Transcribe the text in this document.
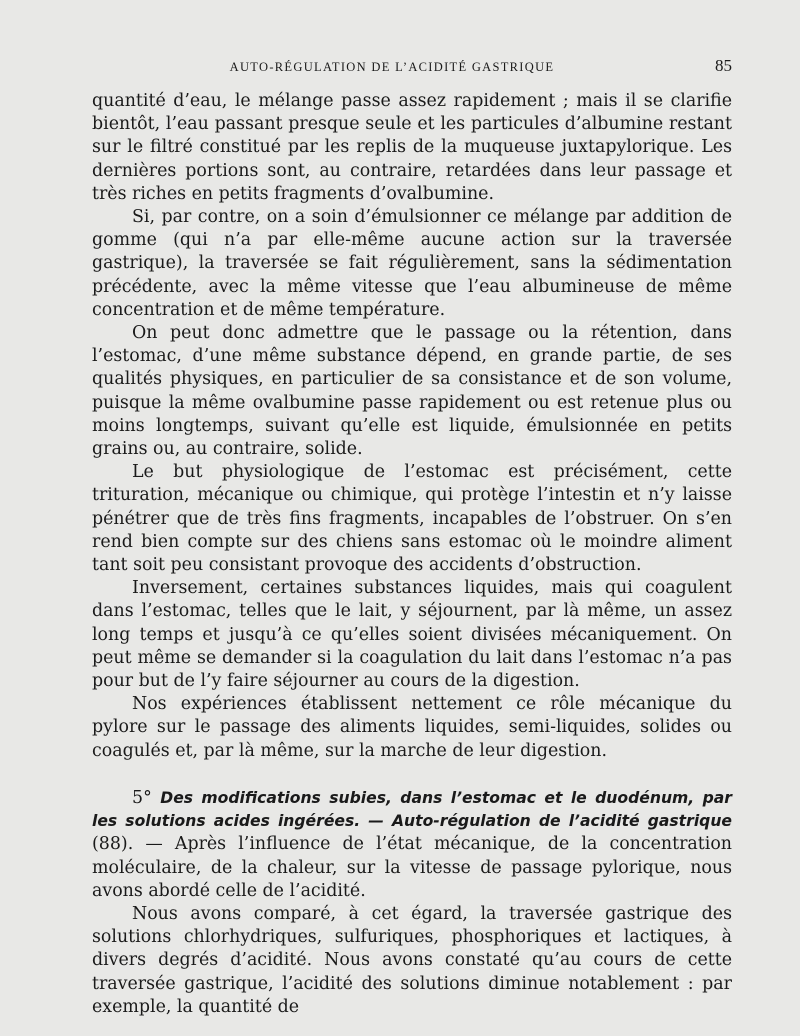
AUTO-RÉGULATION DE L’ACIDITÉ GASTRIQUE	85

quantité d’eau, le mélange passe assez rapidement ; mais il se clarifie bientôt, l’eau passant presque seule et les particules d’albumine restant sur le filtré constitué par les replis de la muqueuse juxtapylorique. Les dernières portions sont, au contraire, retardées dans leur passage et très riches en petits fragments d’ovalbumine.

Si, par contre, on a soin d’émulsionner ce mélange par addition de gomme (qui n’a par elle-même aucune action sur la traversée gastrique), la traversée se fait régulièrement, sans la sédimentation précédente, avec la même vitesse que l’eau albumineuse de même concentration et de même température.

On peut donc admettre que le passage ou la rétention, dans l’estomac, d’une même substance dépend, en grande partie, de ses qualités physiques, en particulier de sa consistance et de son volume, puisque la même ovalbumine passe rapidement ou est retenue plus ou moins longtemps, suivant qu’elle est liquide, émulsionnée en petits grains ou, au contraire, solide.

Le but physiologique de l’estomac est précisément, cette trituration, mécanique ou chimique, qui protège l’intestin et n’y laisse pénétrer que de très fins fragments, incapables de l’obstruer. On s’en rend bien compte sur des chiens sans estomac où le moindre aliment tant soit peu consistant provoque des accidents d’obstruction.

Inversement, certaines substances liquides, mais qui coagulent dans l’estomac, telles que le lait, y séjournent, par là même, un assez long temps et jusqu’à ce qu’elles soient divisées mécaniquement. On peut même se demander si la coagulation du lait dans l’estomac n’a pas pour but de l’y faire séjourner au cours de la digestion.

Nos expériences établissent nettement ce rôle mécanique du pylore sur le passage des aliments liquides, semi-liquides, solides ou coagulés et, par là même, sur la marche de leur digestion.

5° Des modifications subies, dans l’estomac et le duodénum, par les solutions acides ingérées. — Auto-régulation de l’acidité gastrique (88). — Après l’influence de l’état mécanique, de la concentration moléculaire, de la chaleur, sur la vitesse de passage pylorique, nous avons abordé celle de l’acidité.

Nous avons comparé, à cet égard, la traversée gastrique des solutions chlorhydriques, sulfuriques, phosphoriques et lactiques, à divers degrés d’acidité. Nous avons constaté qu’au cours de cette traversée gastrique, l’acidité des solutions diminue notablement : par exemple, la quantité de
